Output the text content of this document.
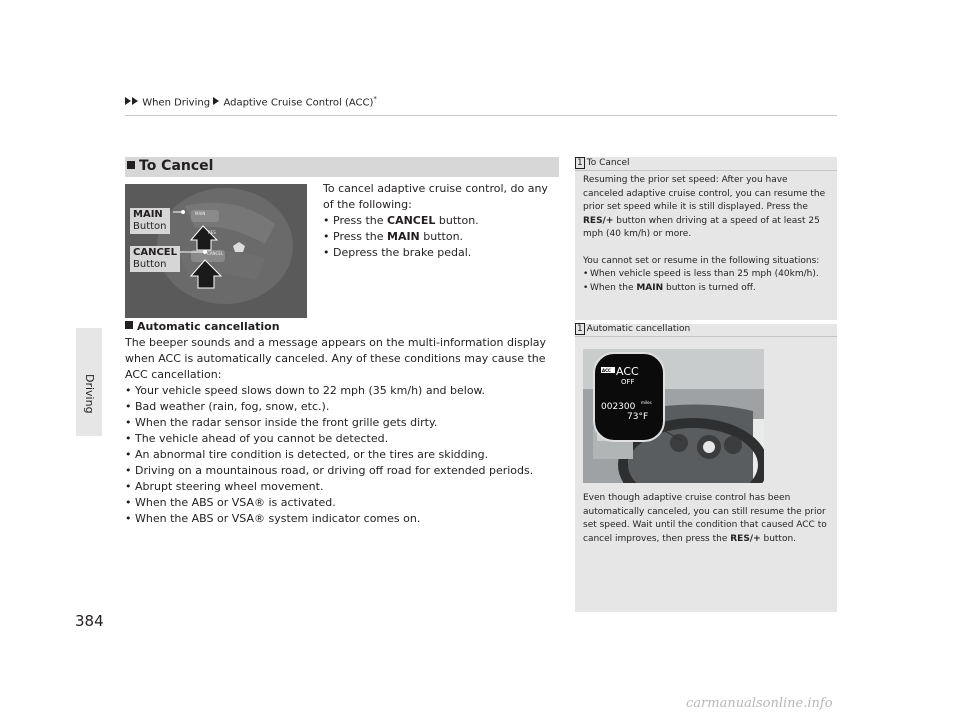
When Driving Adaptive Cruise Control (ACC)*
Driving
384
To Cancel
MAIN
RES
CANCEL
MAIN
Button
CANCEL
Button
To cancel adaptive cruise control, do any of the following:
• Press the CANCEL button.
• Press the MAIN button.
• Depress the brake pedal.
Automatic cancellation
The beeper sounds and a message appears on the multi-information display when ACC is automatically canceled. Any of these conditions may cause the ACC cancellation:
• Your vehicle speed slows down to 22 mph (35 km/h) and below.
• Bad weather (rain, fog, snow, etc.).
• When the radar sensor inside the front grille gets dirty.
• The vehicle ahead of you cannot be detected.
• An abnormal tire condition is detected, or the tires are skidding.
• Driving on a mountainous road, or driving off road for extended periods.
• Abrupt steering wheel movement.
• When the ABS or VSA® is activated.
• When the ABS or VSA® system indicator comes on.
1 To Cancel
Resuming the prior set speed: After you have canceled adaptive cruise control, you can resume the prior set speed while it is still displayed. Press the RES/+ button when driving at a speed of at least 25 mph (40 km/h) or more.
You cannot set or resume in the following situations:
• When vehicle speed is less than 25 mph (40km/h).
• When the MAIN button is turned off.
1 Automatic cancellation
ACC ACC
OFF
002300 miles
73°F
Even though adaptive cruise control has been automatically canceled, you can still resume the prior set speed. Wait until the condition that caused ACC to cancel improves, then press the RES/+ button.
carmanualsonline.info
